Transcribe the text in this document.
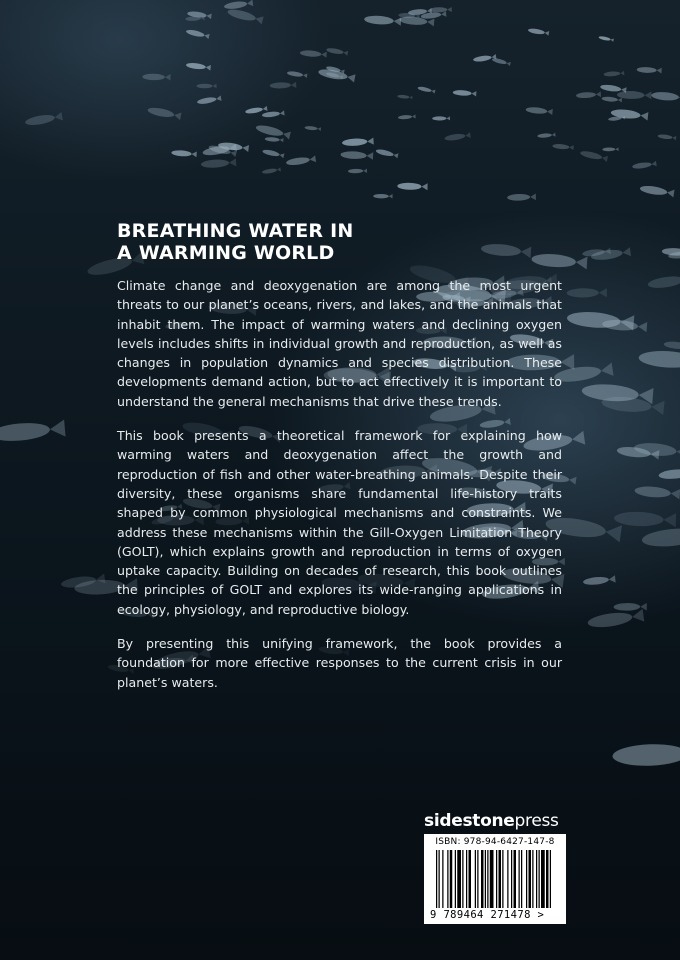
BREATHING WATER IN
A WARMING WORLD

Climate change and deoxygenation are among the most urgent threats to our planet’s oceans, rivers, and lakes, and the animals that inhabit them. The impact of warming waters and declining oxygen levels includes shifts in individual growth and reproduction, as well as changes in population dynamics and species distribution. These developments demand action, but to act effectively it is important to understand the general mechanisms that drive these trends.

This book presents a theoretical framework for explaining how warming waters and deoxygenation affect the growth and reproduction of fish and other water-breathing animals. Despite their diversity, these organisms share fundamental life-history traits shaped by common physiological mechanisms and constraints. We address these mechanisms within the Gill-Oxygen Limitation Theory (GOLT), which explains growth and reproduction in terms of oxygen uptake capacity. Building on decades of research, this book outlines the principles of GOLT and explores its wide-ranging applications in ecology, physiology, and reproductive biology.

By presenting this unifying framework, the book provides a foundation for more effective responses to the current crisis in our planet’s waters.

sidestonepress
ISBN: 978-94-6427-147-8
9 789464 271478 >
